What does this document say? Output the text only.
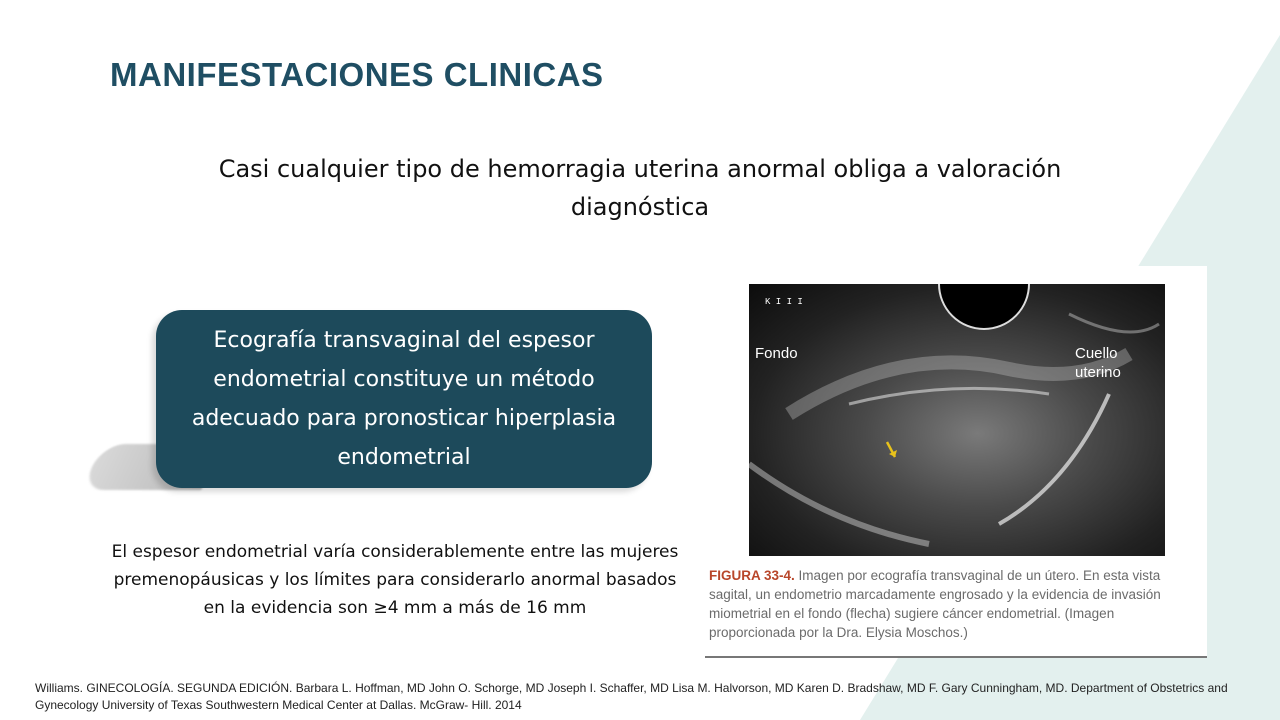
MANIFESTACIONES CLINICAS
Casi cualquier tipo de hemorragia uterina anormal obliga a valoración diagnóstica
Ecografía transvaginal del espesor endometrial constituye un método adecuado para pronosticar hiperplasia endometrial
El espesor endometrial varía considerablemente entre las mujeres premenopáusicas y los límites para considerarlo anormal basados en la evidencia son ≥4 mm a más de 16 mm
K I I I
Fondo	Cuello uterino
FIGURA 33-4. Imagen por ecografía transvaginal de un útero. En esta vista sagital, un endometrio marcadamente engrosado y la evidencia de invasión miometrial en el fondo (flecha) sugiere cáncer endometrial. (Imagen proporcionada por la Dra. Elysia Moschos.)
Williams. GINECOLOGÍA. SEGUNDA EDICIÓN. Barbara L. Hoffman, MD John O. Schorge, MD Joseph I. Schaffer, MD Lisa M. Halvorson, MD Karen D. Bradshaw, MD F. Gary Cunningham, MD. Department of Obstetrics and Gynecology University of Texas Southwestern Medical Center at Dallas. McGraw- Hill. 2014
